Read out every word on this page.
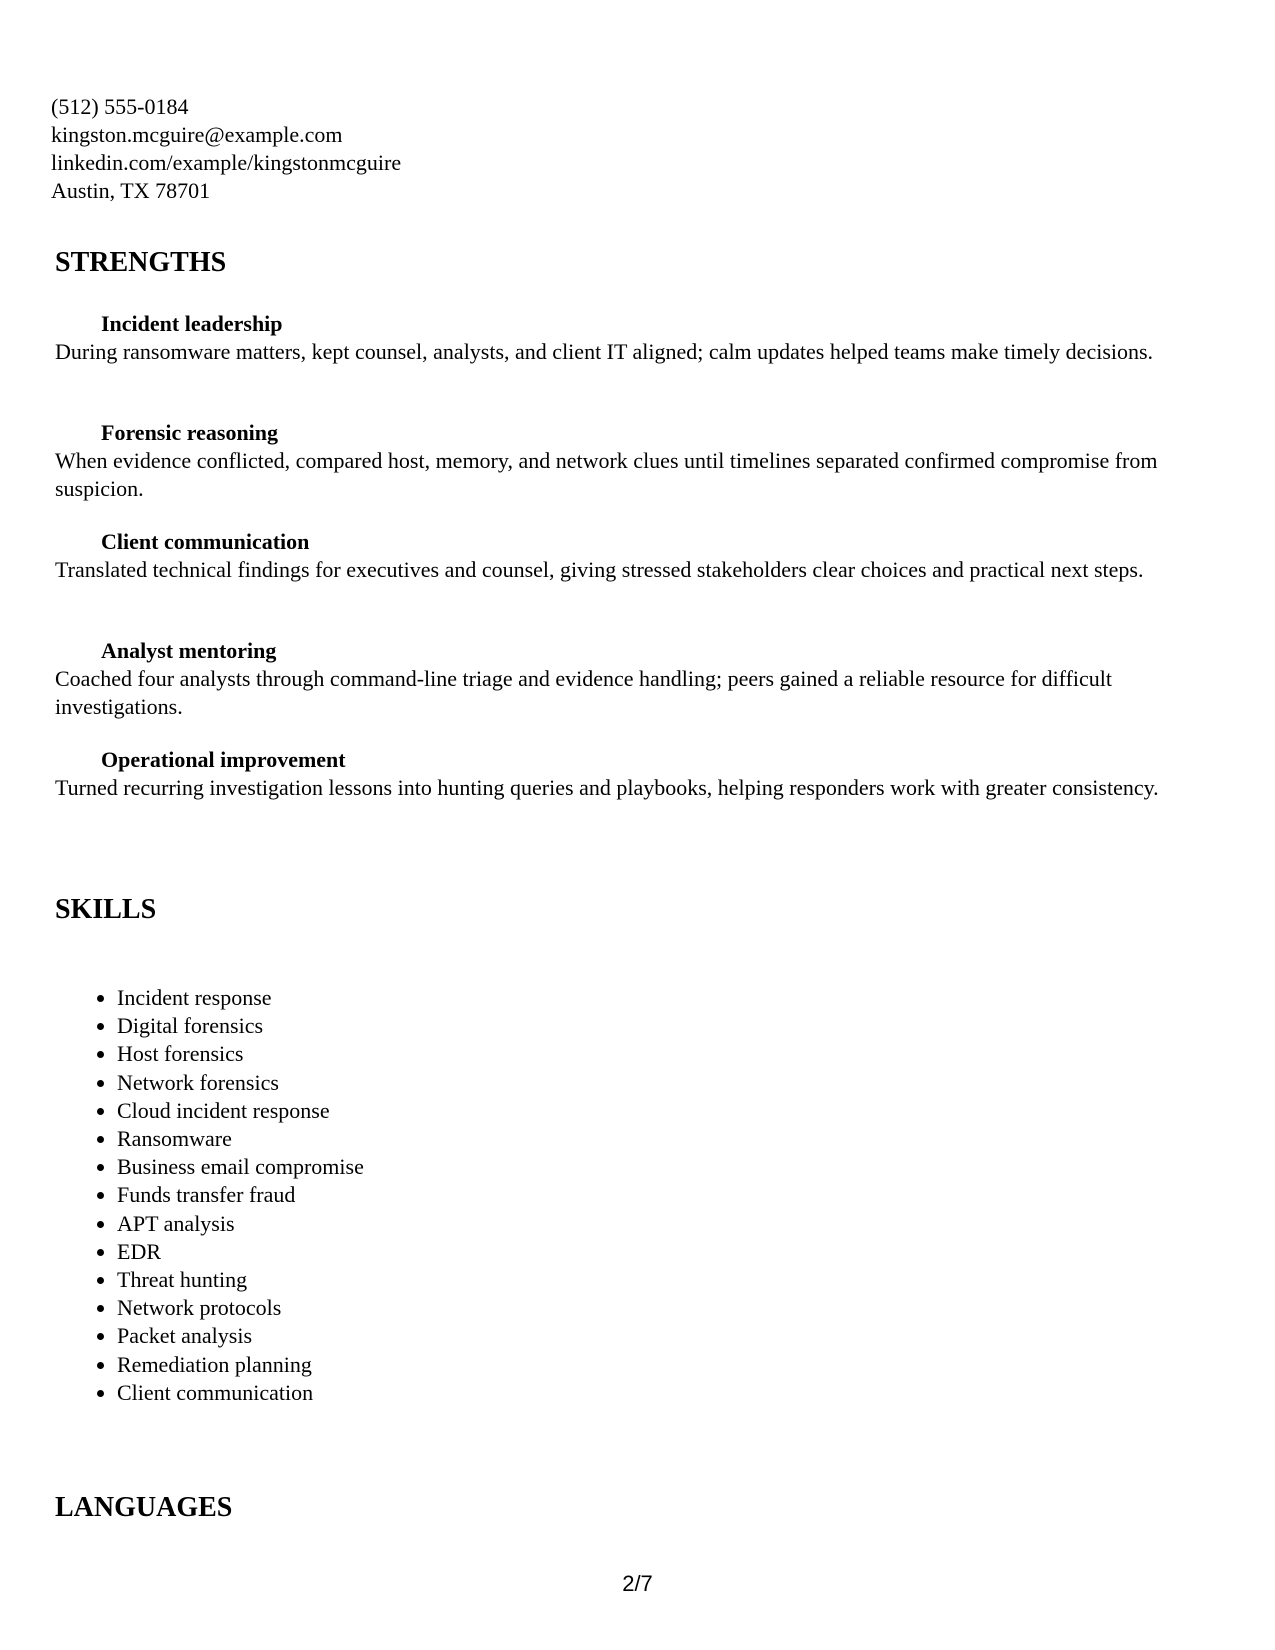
(512) 555-0184
kingston.mcguire@example.com
linkedin.com/example/kingstonmcguire
Austin, TX 78701
STRENGTHS
Incident leadership
During ransomware matters, kept counsel, analysts, and client IT aligned; calm updates helped teams make timely decisions.
Forensic reasoning
When evidence conflicted, compared host, memory, and network clues until timelines separated confirmed compromise from suspicion.
Client communication
Translated technical findings for executives and counsel, giving stressed stakeholders clear choices and practical next steps.
Analyst mentoring
Coached four analysts through command-line triage and evidence handling; peers gained a reliable resource for difficult investigations.
Operational improvement
Turned recurring investigation lessons into hunting queries and playbooks, helping responders work with greater consistency.
SKILLS
• Incident response
• Digital forensics
• Host forensics
• Network forensics
• Cloud incident response
• Ransomware
• Business email compromise
• Funds transfer fraud
• APT analysis
• EDR
• Threat hunting
• Network protocols
• Packet analysis
• Remediation planning
• Client communication
LANGUAGES
2/7
